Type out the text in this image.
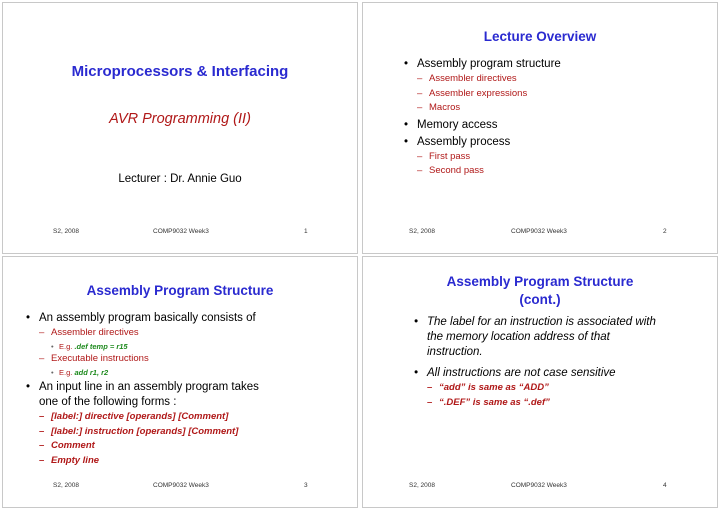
Microprocessors & Interfacing
AVR Programming (II)
Lecturer : Dr. Annie Guo
S2, 2008	COMP9032 Week3	1
Lecture Overview
• Assembly program structure
– Assembler directives
– Assembler expressions
– Macros
• Memory access
• Assembly process
– First pass
– Second pass
S2, 2008	COMP9032 Week3	2
Assembly Program Structure
• An assembly program basically consists of
– Assembler directives
• E.g. .def temp = r15
– Executable instructions
• E.g. add r1, r2
• An input line in an assembly program takes
one of the following forms :
– [label:] directive [operands] [Comment]
– [label:] instruction [operands] [Comment]
– Comment
– Empty line
S2, 2008	COMP9032 Week3	3
Assembly Program Structure
(cont.)
• The label for an instruction is associated with
the memory location address of that
instruction.
• All instructions are not case sensitive
– “add” is same as “ADD”
– “.DEF” is same as “.def”
S2, 2008	COMP9032 Week3	4
